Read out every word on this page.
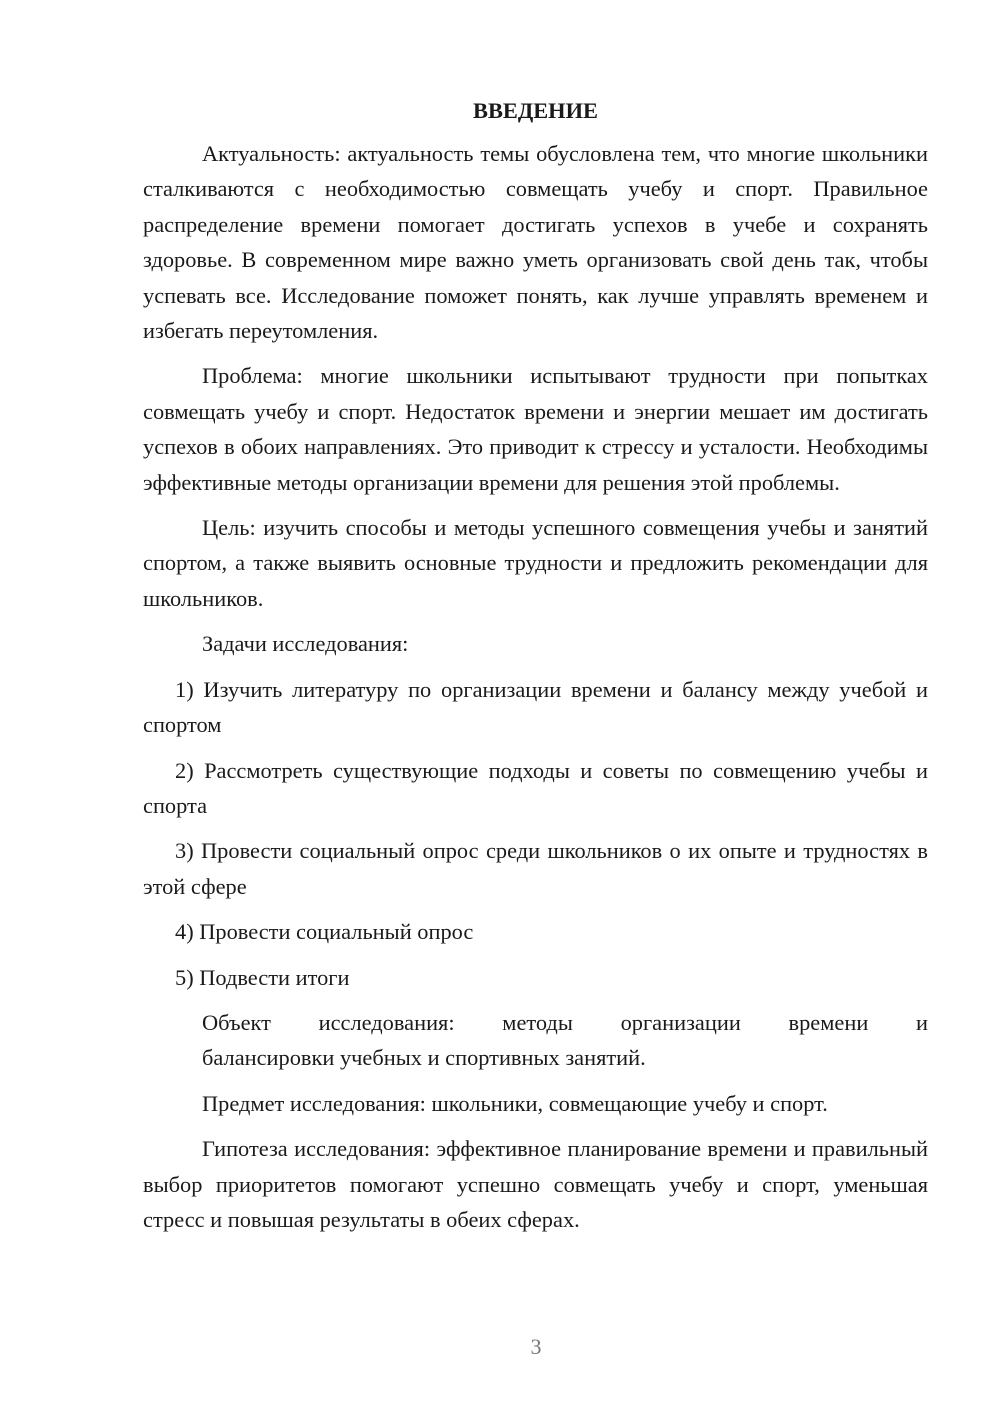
ВВЕДЕНИЕ

Актуальность: актуальность темы обусловлена тем, что многие школьники сталкиваются с необходимостью совмещать учебу и спорт. Правильное распределение времени помогает достигать успехов в учебе и сохранять здоровье. В современном мире важно уметь организовать свой день так, чтобы успевать все. Исследование поможет понять, как лучше управлять временем и избегать переутомления.

Проблема: многие школьники испытывают трудности при попытках совмещать учебу и спорт. Недостаток времени и энергии мешает им достигать успехов в обоих направлениях. Это приводит к стрессу и усталости. Необходимы эффективные методы организации времени для решения этой проблемы.

Цель: изучить способы и методы успешного совмещения учебы и занятий спортом, а также выявить основные трудности и предложить рекомендации для школьников.

Задачи исследования:

1) Изучить литературу по организации времени и балансу между учебой и спортом

2) Рассмотреть существующие подходы и советы по совмещению учебы и спорта

3) Провести социальный опрос среди школьников о их опыте и трудностях в этой сфере

4) Провести социальный опрос

5) Подвести итоги

Объект исследования: методы организации времени и
балансировки учебных и спортивных занятий.

Предмет исследования: школьники, совмещающие учебу и спорт.

Гипотеза исследования: эффективное планирование времени и правильный выбор приоритетов помогают успешно совмещать учебу и спорт, уменьшая стресс и повышая результаты в обеих сферах.

3
